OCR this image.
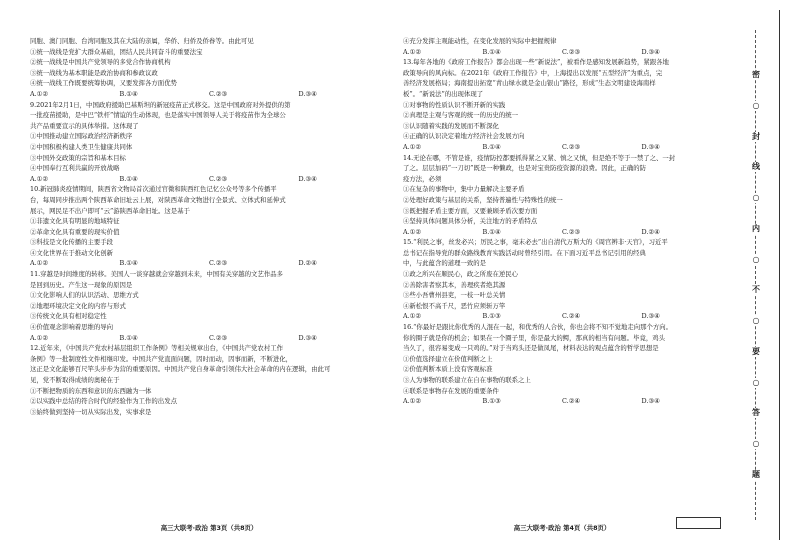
同胞、澳门同胞、台湾同胞及其在大陆的亲属，华侨、归侨及侨眷等。由此可见

①统一战线是党扩大群众基础，团结人民共同奋斗的重要法宝

②统一战线是中国共产党领导的多党合作协商机构

③统一战线为基本职能是政治协商和参政议政

④统一战线工作既要统筹协调，又要发挥各方面优势

A.①②	B.①④	C.②③	D.③④

9.2021年2月1日，中国政府援助巴基斯坦的新冠疫苗正式移交。这是中国政府对外提供的第

一批疫苗援助，是中巴“铁杆”情谊的生动体现，也是落实中国领导人关于将疫苗作为全球公

共产品重要宣示的具体举措。这体现了

①中国推动建立国际政治经济新秩序

②中国积极构建人类卫生健康共同体

③中国外交政策的宗旨和基本目标

④中国奉行互利共赢的开放战略

A.①②	B.①④	C.②③	D.③④

10.新冠肺炎疫情期间，陕西省文物局首次通过官微和陕西红色记忆公众号等多个传播平

台，每周同步推出两个陕西革命旧址云上展，对陕西革命文物进行全景式、立体式和延伸式

展示，网民足不出户即可“云”游陕西革命旧址。这是基于

①非遗文化具有明显的地域特征

②革命文化具有重要的现实价值

③科技是文化传播的主要手段

④文化世界在于推动文化创新

A.①②	B.①④	C.②③	D.②④

11.穿越是时间维度的转移。美国人一谈穿越就会穿越到未来，中国有关穿越的文艺作品多

是回到历史。产生这一现象的原因是

①文化影响人们的认识活动、思维方式

②地理环境决定文化的内容与形式

③传统文化具有相对稳定性

④价值观念影响着思维的导向

A.①②	B.①④	C.②③	D.③④

12.近年来，《中国共产党农村基层组织工作条例》等相关规章出台，《中国共产党农村工作

条例》等一批制度性文件相继印发。中国共产党直面问题，因时而动，因事而新，不断进化，

这正是文化能够百尺竿头步步为营的重要原因。中国共产党自身革命引领伟大社会革命的内在逻辑，由此可

见，党不断取得成绩的奥秘在于

①不断把物质的东西和意识的东西融为一体

②以实践中总结的符合时代的经验作为工作的出发点

③始终做到坚持一切从实际出发，实事求是

④充分发挥主观能动性，在变化发展的实际中把握规律

A.①②	B.①④	C.②③	D.③④

13.每年各地的《政府工作报告》都会出现一些“新说法”，被看作是感知发展新趋势，紧跟各地

政策导向的风向标。在2021年《政府工作报告》中，上海提出以发展“五型经济”为重点，完

善经济发展格局；海南提出拓宽“青山绿水就是金山银山”路径，形成“生态文明建设海南样

板”。“新说法”的出现体现了

①对事物的性质认识不断开新的实践

②真理是主观与客观的统一的历史的统一

③认识随着实践的发展而不断深化

④正确的认识决定着地方经济社会发展方向

A.①②	B.①④	C.②③	D.③④

14.无论在哪，不管是谁，疫情防控都要抓得紧之又紧、慎之又慎，但是绝不等于一禁了之、一封

了之。层层加码“一刀切”既是一种懒政，也是对宝贵防疫资源的浪费。因此，正确的防

疫方法，必须

①在复杂的事物中，集中力量解决主要矛盾

②处理好政策与基层的关系，坚持普遍性与特殊性的统一

③既把握矛盾主要方面，又要兼顾矛盾次要方面

④坚持具体问题具体分析，关注地方的矛盾特点

A.①②	B.①④	C.②③	D.②④

15.“利民之事，丝发必兴；厉民之事，毫末必去”出自清代万斯大的《周官辨非·天官》，习近平

总书记在指导党的群众路线教育实践活动时曾经引用。在下面习近平总书记引用的经典

中，与此蕴含的道理一致的是

①政之所兴在顺民心，政之所废在逆民心

②善除害者察其本，善理疾者绝其源

③些小吾曹州县吏，一枝一叶总关情

④新松恨不高千尺，恶竹应须斩万竿

A.①②	B.①③	C.②④	D.③④

16.“你最好是跟比你优秀的人混在一起，和优秀的人合伙，你也会将不知不觉地走向那个方向。

你的圈子就是你的机会；如果在一个圈子里，你是最大的鳄，那真的相当有问题。毕竟，鸡头

当久了，很容易变成一只鸡的。”对于当鸡头还是做凤尾，材料表达的观点蕴含的哲学思想是

①价值选择建立在价值判断之上

②价值判断本质上没有客观标准

③人为事物的联系建立在自在事物的联系之上

④联系是事物存在发展的重要条件

A.①②	B.①③	C.②④	D.③④
高三大联考·政治 第3页（共8页）	高三大联考·政治 第4页（共8页）
密
○
封
线
○
内
○
不
○
要
○
答
○
题
